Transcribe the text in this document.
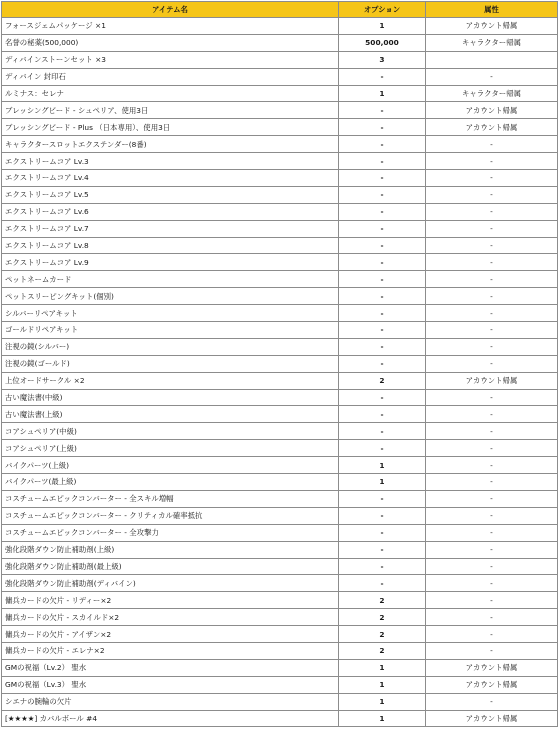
アイテム名	オプション	属性
フォースジェムパッケージ ×1	1	アカウント帰属
名誉の秘薬(500,000)	500,000	キャラクター帰属
ディバインストーンセット ×3	3	
ディバイン 封印石	-	-
ルミナス：セレナ	1	キャラクター帰属
ブレッシングビード - シュペリア、使用3日	-	アカウント帰属
ブレッシングビード - Plus （日本専用）、使用3日	-	アカウント帰属
キャラクタースロットエクステンダー(8番)	-	-
エクストリームコア Lv.3	-	-
エクストリームコア Lv.4	-	-
エクストリームコア Lv.5	-	-
エクストリームコア Lv.6	-	-
エクストリームコア Lv.7	-	-
エクストリームコア Lv.8	-	-
エクストリームコア Lv.9	-	-
ペットネームカード	-	-
ペットスリーピングキット(個別)	-	-
シルバーリペアキット	-	-
ゴールドリペアキット	-	-
注視の鏡(シルバー)	-	-
注視の鏡(ゴールド)	-	-
上位オードサークル ×2	2	アカウント帰属
古い魔法書(中級)	-	-
古い魔法書(上級)	-	-
コアシュペリア(中級)	-	-
コアシュペリア(上級)	-	-
バイクパーツ(上級)	1	-
バイクパーツ(最上級)	1	-
コスチュームエピックコンバーター - 全スキル増幅	-	-
コスチュームエピックコンバーター - クリティカル確率抵抗	-	-
コスチュームエピックコンバーター - 全攻撃力	-	-
強化段階ダウン防止補助剤(上級)	-	-
強化段階ダウン防止補助剤(最上級)	-	-
強化段階ダウン防止補助剤(ディバイン)	-	-
傭兵カードの欠片 - リディー×2	2	-
傭兵カードの欠片 - スカイルド×2	2	-
傭兵カードの欠片 - アイザン×2	2	-
傭兵カードの欠片 - エレナ×2	2	-
GMの祝福（Lv.2） 聖水	1	アカウント帰属
GMの祝福（Lv.3） 聖水	1	アカウント帰属
シエナの腕輪の欠片	1	-
[★★★★] カバルボール #4	1	アカウント帰属
